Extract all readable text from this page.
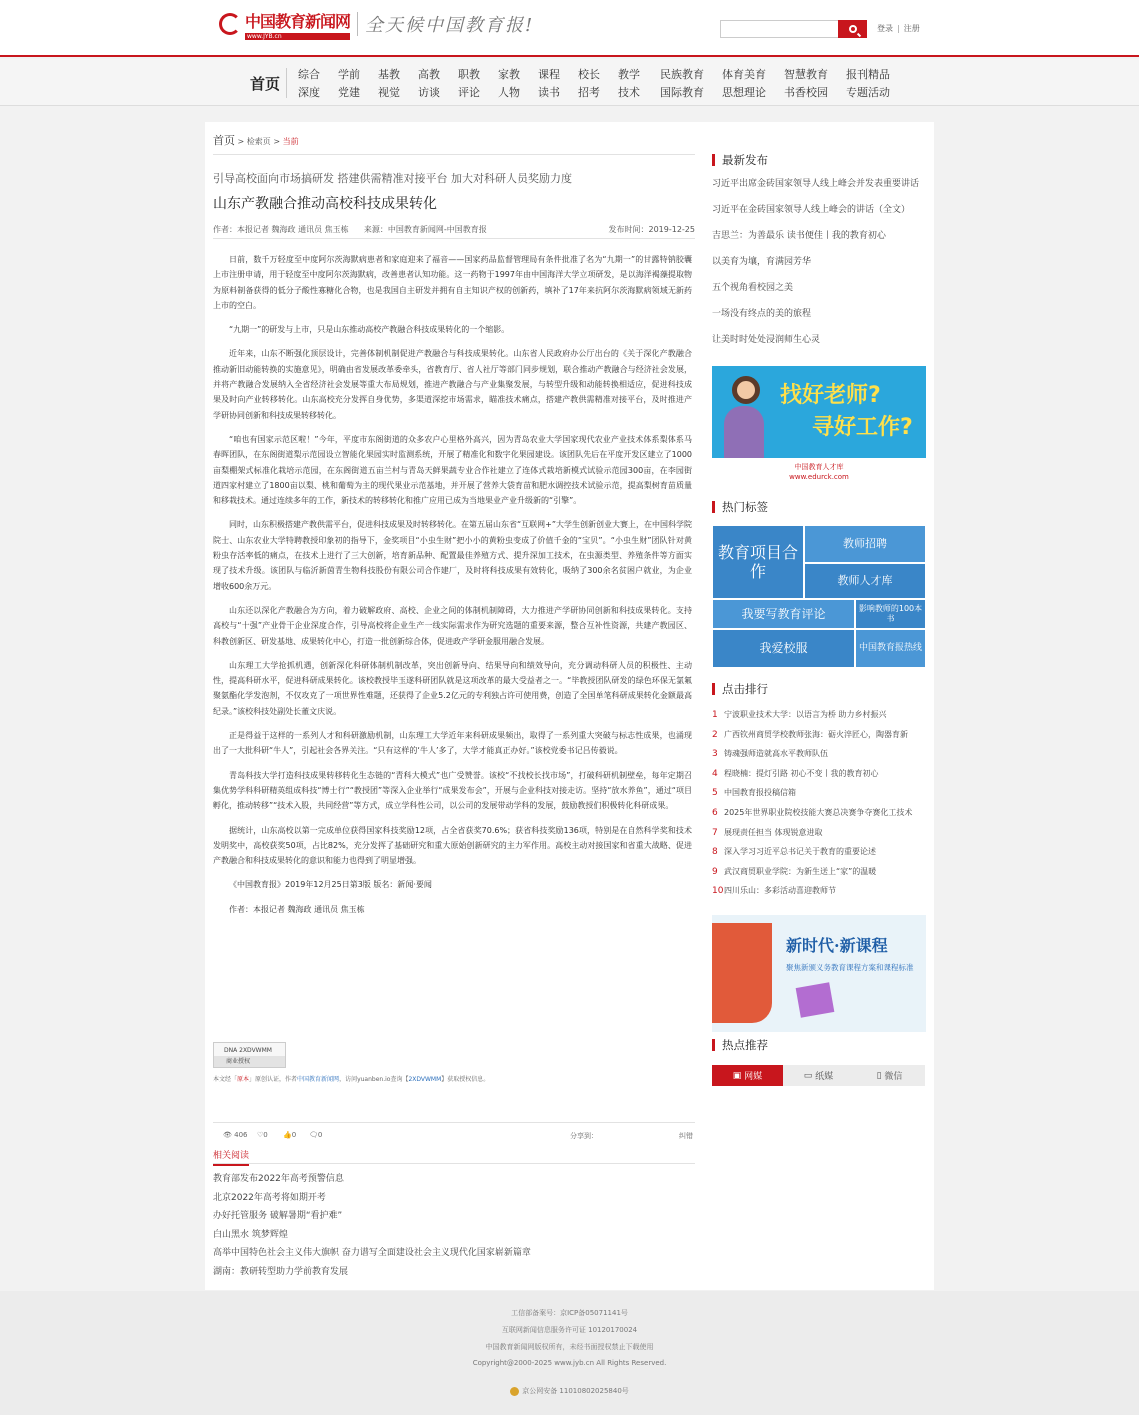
中国教育新闻网
www.JYB.cn	全天候中国教育报!	登录 | 注册
首页
综合
深度
学前
党建
基教
视觉
高教
访谈
职教
评论
家教
人物
课程
读书
校长
招考
教学
技术
民族教育
国际教育
体育美育
思想理论
智慧教育
书香校园
报刊精品
专题活动
首页 > 检索页 > 当前
引导高校面向市场搞研发 搭建供需精准对接平台 加大对科研人员奖励力度
山东产教融合推动高校科技成果转化
作者：本报记者 魏海政 通讯员 焦玉栋 来源：中国教育新闻网-中国教育报	发布时间：2019-12-25

日前，数千万轻度至中度阿尔茨海默病患者和家庭迎来了福音——国家药品监督管理局有条件批准了名为“九期一”的甘露特钠胶囊上市注册申请，用于轻度至中度阿尔茨海默病，改善患者认知功能。这一药物于1997年由中国海洋大学立项研发，是以海洋褐藻提取物为原料制备获得的低分子酸性寡糖化合物，也是我国自主研发并拥有自主知识产权的创新药，填补了17年来抗阿尔茨海默病领域无新药上市的空白。

“九期一”的研发与上市，只是山东推动高校产教融合科技成果转化的一个缩影。

近年来，山东不断强化顶层设计，完善体制机制促进产教融合与科技成果转化。山东省人民政府办公厅出台的《关于深化产教融合推动新旧动能转换的实施意见》，明确由省发展改革委牵头，省教育厅、省人社厅等部门同步规划，联合推动产教融合与经济社会发展，并将产教融合发展纳入全省经济社会发展等重大布局规划，推进产教融合与产业集聚发展，与转型升级和动能转换相适应，促进科技成果及时向产业转移转化。山东高校充分发挥自身优势，多渠道深挖市场需求，瞄准技术痛点，搭建产教供需精准对接平台，及时推进产学研协同创新和科技成果转移转化。

“咱也有国家示范区啦！”今年，平度市东阁街道的众多农户心里格外高兴，因为青岛农业大学国家现代农业产业技术体系梨体系马春晖团队，在东阁街道梨示范园设立智能化果园实时监测系统，开展了精准化和数字化果园建设。该团队先后在平度开发区建立了1000亩梨棚架式标准化栽培示范园，在东阁街道五亩兰村与青岛天鲜果蔬专业合作社建立了连体式栽培新模式试验示范园300亩，在李园街道四家村建立了1800亩以梨、桃和葡萄为主的现代果业示范基地，并开展了营养大袋育苗和肥水调控技术试验示范，提高梨树育苗质量和移栽技术。通过连续多年的工作，新技术的转移转化和推广应用已成为当地果业产业升级新的“引擎”。

同时，山东积极搭建产教供需平台，促进科技成果及时转移转化。在第五届山东省“互联网+”大学生创新创业大赛上，在中国科学院院士、山东农业大学特聘教授印象初的指导下，金奖项目“小虫生财”把小小的黄粉虫变成了价值千金的“宝贝”。“小虫生财”团队针对黄粉虫存活率低的痛点，在技术上进行了三大创新，培育新品种、配置最佳养殖方式、提升深加工技术，在虫源类型、养殖条件等方面实现了技术升级。该团队与临沂新茵青生物科技股份有限公司合作建厂，及时将科技成果有效转化，吸纳了300余名贫困户就业，为企业增收600余万元。

山东还以深化产教融合为方向，着力破解政府、高校、企业之间的体制机制障碍，大力推进产学研协同创新和科技成果转化。支持高校与“十强”产业骨干企业深度合作，引导高校将企业生产一线实际需求作为研究选题的重要来源，整合互补性资源，共建产教园区、科教创新区、研发基地、成果转化中心，打造一批创新综合体，促进政产学研金服用融合发展。

山东理工大学抢抓机遇，创新深化科研体制机制改革，突出创新导向、结果导向和绩效导向，充分调动科研人员的积极性、主动性，提高科研水平，促进科研成果转化。该校教授毕玉遂科研团队就是这项改革的最大受益者之一。“毕教授团队研发的绿色环保无氯氟聚氨酯化学发泡剂，不仅攻克了一项世界性难题，还获得了企业5.2亿元的专利独占许可使用费，创造了全国单笔科研成果转化金额最高纪录。”该校科技处副处长董文庆说。

正是得益于这样的一系列人才和科研激励机制，山东理工大学近年来科研成果频出，取得了一系列重大突破与标志性成果，也涌现出了一大批科研“牛人”，引起社会各界关注。“只有这样的‘牛人’多了，大学才能真正办好。”该校党委书记吕传毅说。

青岛科技大学打造科技成果转移转化生态链的“青科大模式”也广受赞誉。该校“不找校长找市场”，打破科研机制壁垒，每年定期召集优势学科科研精英组成科技“博士行”“教授团”等深入企业举行“成果发布会”，开展与企业科技对接走访。坚持“放水养鱼”，通过“项目孵化，推动转移”“技术入股，共同经营”等方式，成立学科性公司，以公司的发展带动学科的发展，鼓励教授们积极转化科研成果。

据统计，山东高校以第一完成单位获得国家科技奖励12项，占全省获奖70.6%；获省科技奖励136项，特别是在自然科学奖和技术发明奖中，高校获奖50项，占比82%，充分发挥了基础研究和重大原始创新研究的主力军作用。高校主动对接国家和省重大战略、促进产教融合和科技成果转化的意识和能力也得到了明显增强。

《中国教育报》2019年12月25日第3版 版名：新闻·要闻

作者：本报记者 魏海政 通讯员 焦玉栋

DNA 2XDVWMM
商业授权
本文经「原本」原创认证，作者中国教育新闻网，访问yuanben.io查询【2XDVWMM】获取授权信息。
👁 406 ♡0 👍0 🗨0	分享到：	纠错
相关阅读
教育部发布2022年高考预警信息
北京2022年高考将如期开考
办好托管服务 破解暑期“看护难”
白山黑水 筑梦辉煌
高举中国特色社会主义伟大旗帜 奋力谱写全面建设社会主义现代化国家崭新篇章
湖南：教研转型助力学前教育发展
最新发布
习近平出席金砖国家领导人线上峰会并发表重要讲话
习近平在金砖国家领导人线上峰会的讲话（全文）
吉思兰：为善最乐 读书便佳丨我的教育初心
以美育为壤，育满园芳华
五个视角看校园之美
一场没有终点的美的旅程
让美时时处处浸润师生心灵
找好老师?
寻好工作?
中国教育人才库
www.edurck.com
热门标签
教育项目合作
教师招聘
教师人才库
我要写教育评论	影响教师的100本书
我爱校服	中国教育报热线
点击排行
1 宁波职业技术大学：以语言为桥 助力乡村振兴
2 广西钦州商贸学校教师张海：砺火淬匠心，陶器育新
3 铸魂强师造就高水平教师队伍
4 程晓楠：提灯引路 初心不变丨我的教育初心
5 中国教育报投稿信箱
6 2025年世界职业院校技能大赛总决赛争夺赛化工技术
7 展现责任担当 体现锐意进取
8 深入学习习近平总书记关于教育的重要论述
9 武汉商贸职业学院：为新生送上“家”的温暖
10四川乐山：多彩活动喜迎教师节
新时代·新课程
聚焦新颁义务教育课程方案和课程标准
热点推荐
▣ 网媒	▭ 纸媒	▯ 微信
工信部备案号：京ICP备05071141号
互联网新闻信息服务许可证 10120170024
中国教育新闻网版权所有，未经书面授权禁止下载使用
Copyright@2000-2025 www.jyb.cn All Rights Reserved.
京公网安备 11010802025840号
